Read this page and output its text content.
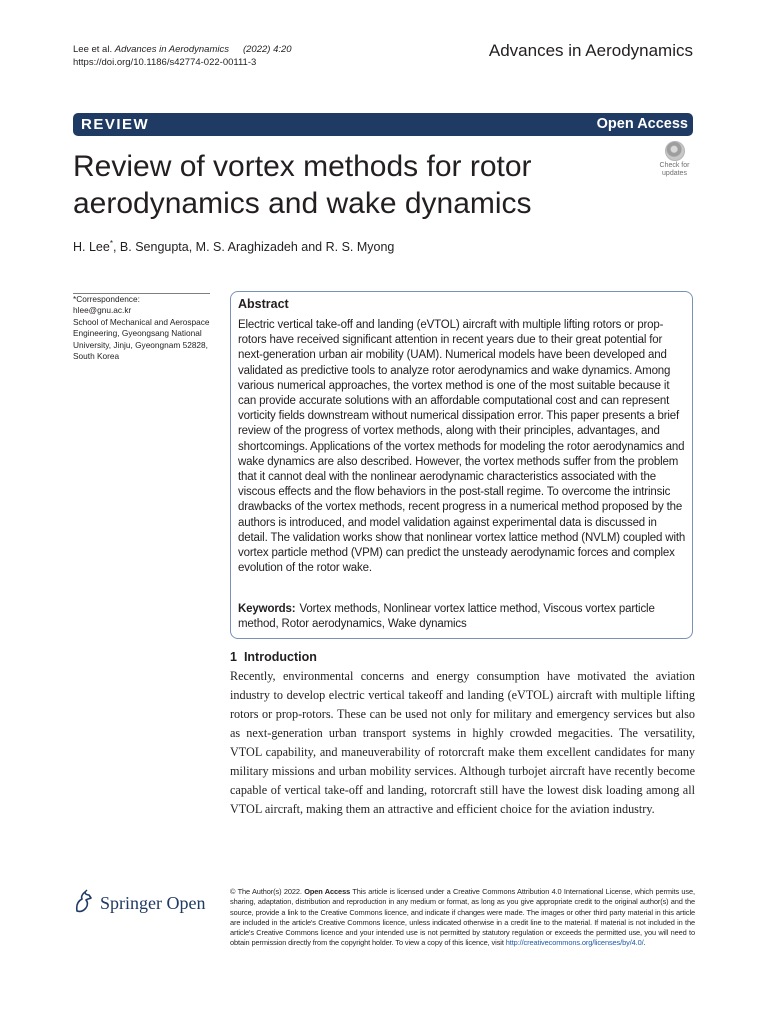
Lee et al. Advances in Aerodynamics (2022) 4:20
https://doi.org/10.1186/s42774-022-00111-3
Advances in Aerodynamics
REVIEW	Open Access
Review of vortex methods for rotor aerodynamics and wake dynamics
Check for updates
H. Lee*, B. Sengupta, M. S. Araghizadeh and R. S. Myong
*Correspondence:
hlee@gnu.ac.kr
School of Mechanical and Aerospace Engineering, Gyeongsang National University, Jinju, Gyeongnam 52828, South Korea
Abstract
Electric vertical take-off and landing (eVTOL) aircraft with multiple lifting rotors or prop-rotors have received significant attention in recent years due to their great potential for next-generation urban air mobility (UAM). Numerical models have been developed and validated as predictive tools to analyze rotor aerodynamics and wake dynamics. Among various numerical approaches, the vortex method is one of the most suitable because it can provide accurate solutions with an affordable computational cost and can represent vorticity fields downstream without numerical dissipation error. This paper presents a brief review of the progress of vortex methods, along with their principles, advantages, and shortcomings. Applications of the vortex methods for modeling the rotor aerodynamics and wake dynamics are also described. However, the vortex methods suffer from the problem that it cannot deal with the nonlinear aerodynamic characteristics associated with the viscous effects and the flow behaviors in the post-stall regime. To overcome the intrinsic drawbacks of the vortex methods, recent progress in a numerical method proposed by the authors is introduced, and model validation against experimental data is discussed in detail. The validation works show that nonlinear vortex lattice method (NVLM) coupled with vortex particle method (VPM) can predict the unsteady aerodynamic forces and complex evolution of the rotor wake.
Keywords: Vortex methods, Nonlinear vortex lattice method, Viscous vortex particle method, Rotor aerodynamics, Wake dynamics
1 Introduction
Recently, environmental concerns and energy consumption have motivated the aviation industry to develop electric vertical takeoff and landing (eVTOL) aircraft with multiple lifting rotors or prop-rotors. These can be used not only for military and emergency services but also as next-generation urban transport systems in highly crowded megacities. The versatility, VTOL capability, and maneuverability of rotorcraft make them excellent candidates for many military missions and urban mobility services. Although turbojet aircraft have recently become capable of vertical take-off and landing, rotorcraft still have the lowest disk loading among all VTOL aircraft, making them an attractive and efficient choice for the aviation industry.
Springer Open
© The Author(s) 2022. Open Access This article is licensed under a Creative Commons Attribution 4.0 International License, which permits use, sharing, adaptation, distribution and reproduction in any medium or format, as long as you give appropriate credit to the original author(s) and the source, provide a link to the Creative Commons licence, and indicate if changes were made. The images or other third party material in this article are included in the article's Creative Commons licence, unless indicated otherwise in a credit line to the material. If material is not included in the article's Creative Commons licence and your intended use is not permitted by statutory regulation or exceeds the permitted use, you will need to obtain permission directly from the copyright holder. To view a copy of this licence, visit http://creativecommons.org/licenses/by/4.0/.
